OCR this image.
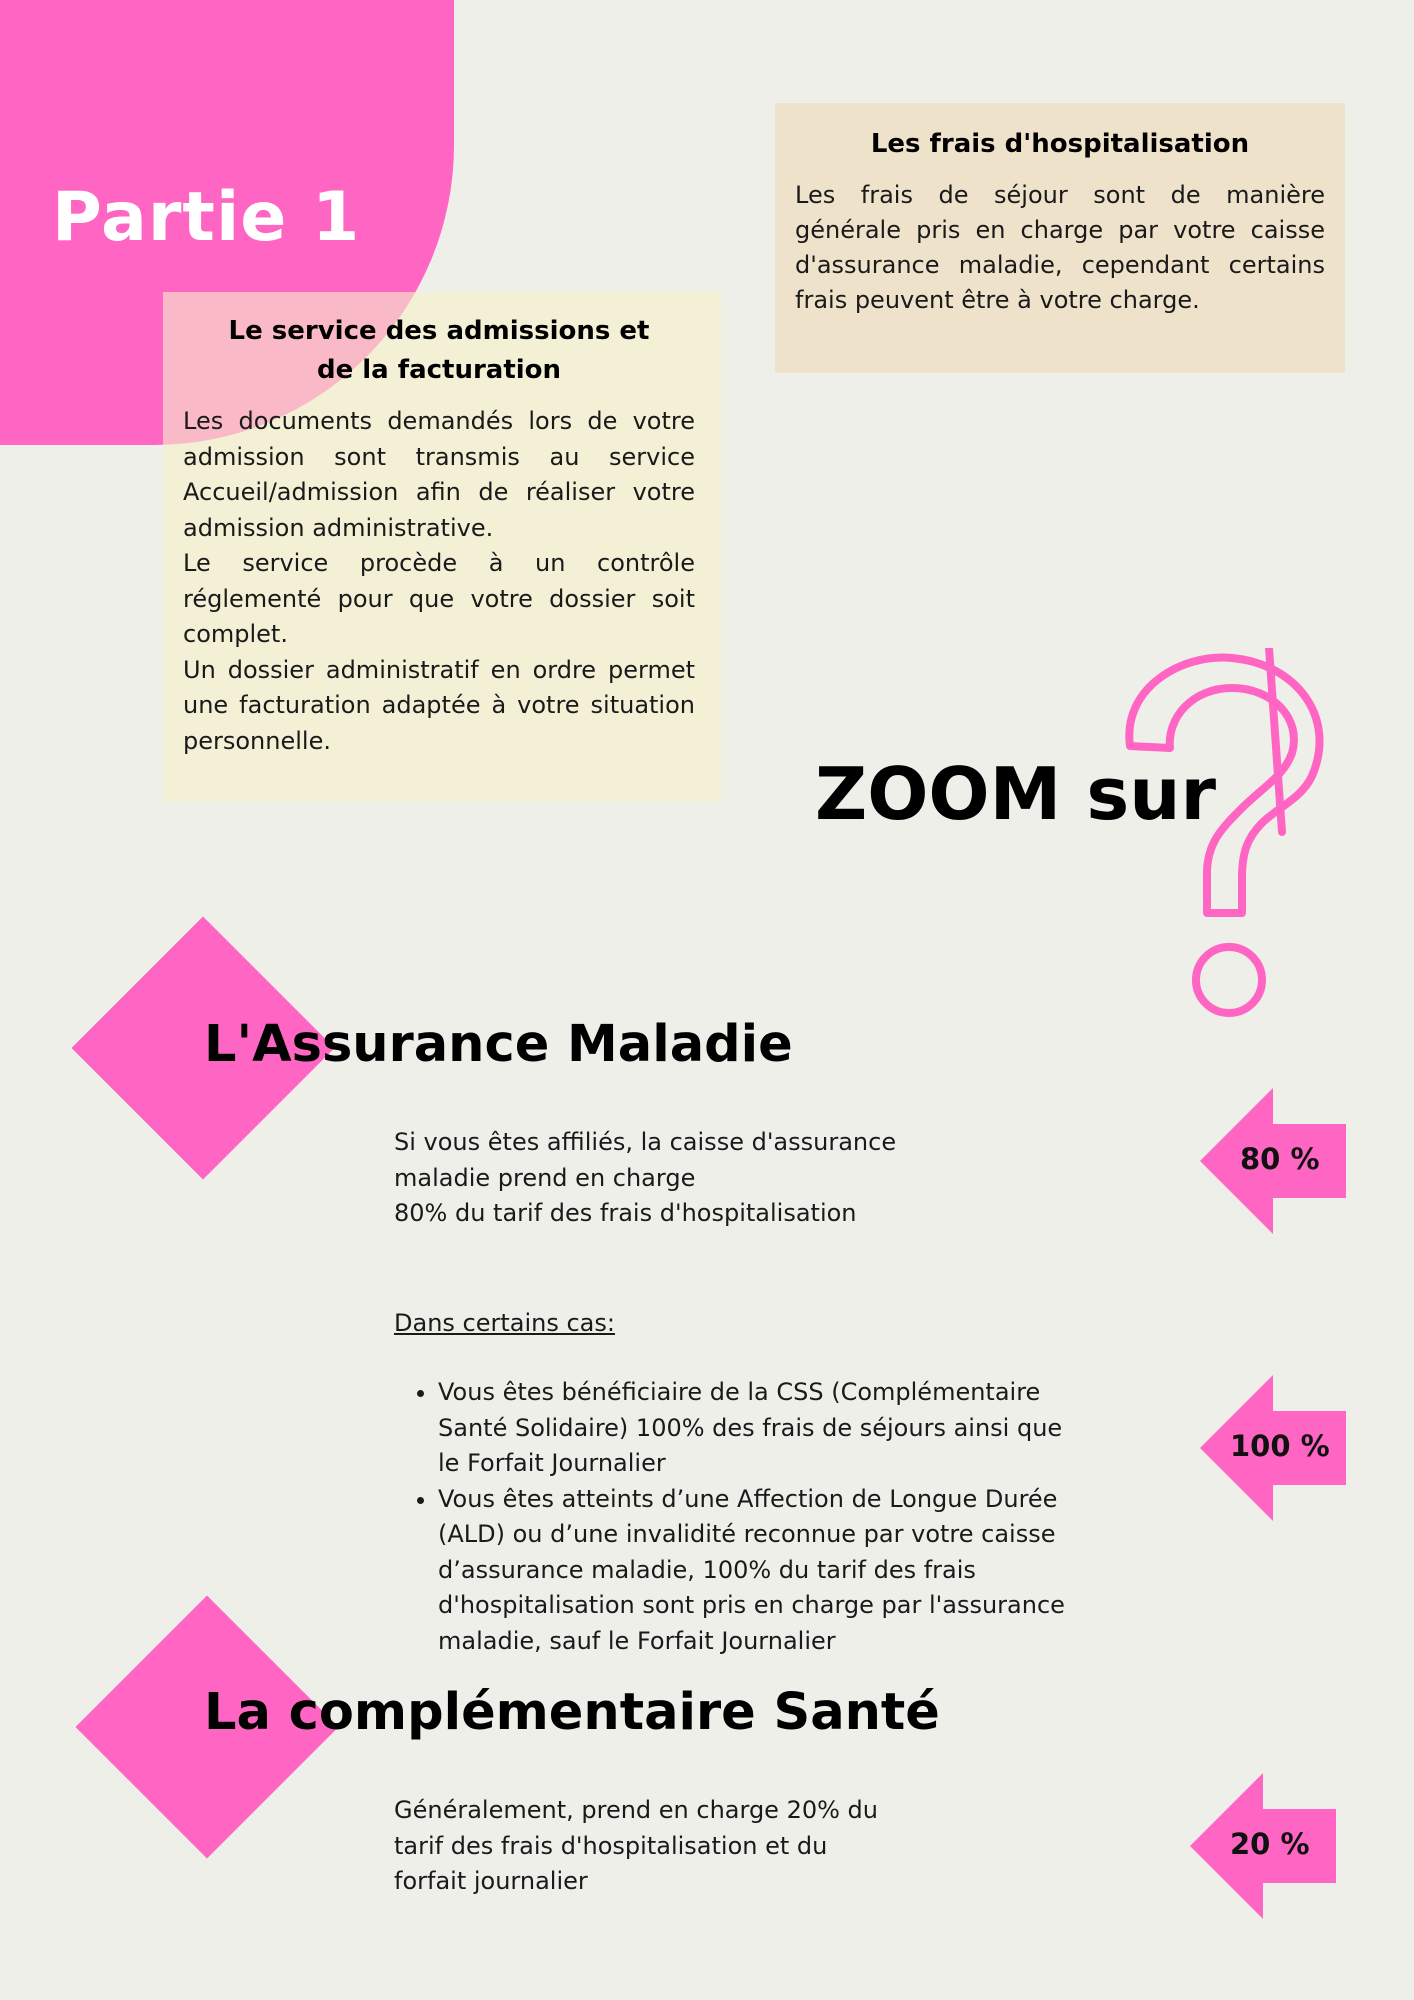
Partie 1
Les frais d'hospitalisation

Les frais de séjour sont de manière générale pris en charge par votre caisse d'assurance maladie, cependant certains frais peuvent être à votre charge.

Le service des admissions et
de la facturation

Les documents demandés lors de votre admission sont transmis au service Accueil/admission afin de réaliser votre admission administrative.

Le service procède à un contrôle réglementé pour que votre dossier soit complet.

Un dossier administratif en ordre permet une facturation adaptée à votre situation personnelle.

ZOOM sur
L'Assurance Maladie

Si vous êtes affiliés, la caisse d'assurance

maladie prend en charge

80% du tarif des frais d'hospitalisation

Dans certains cas:
• Vous êtes bénéficiaire de la CSS (Complémentaire Santé Solidaire) 100% des frais de séjours ainsi que le Forfait Journalier
• Vous êtes atteints d’une Affection de Longue Durée (ALD) ou d’une invalidité reconnue par votre caisse d’assurance maladie, 100% du tarif des frais d'hospitalisation sont pris en charge par l'assurance maladie, sauf le Forfait Journalier
La complémentaire Santé

Généralement, prend en charge 20% du

tarif des frais d'hospitalisation et du

forfait journalier

80 %
100 %
20 %
